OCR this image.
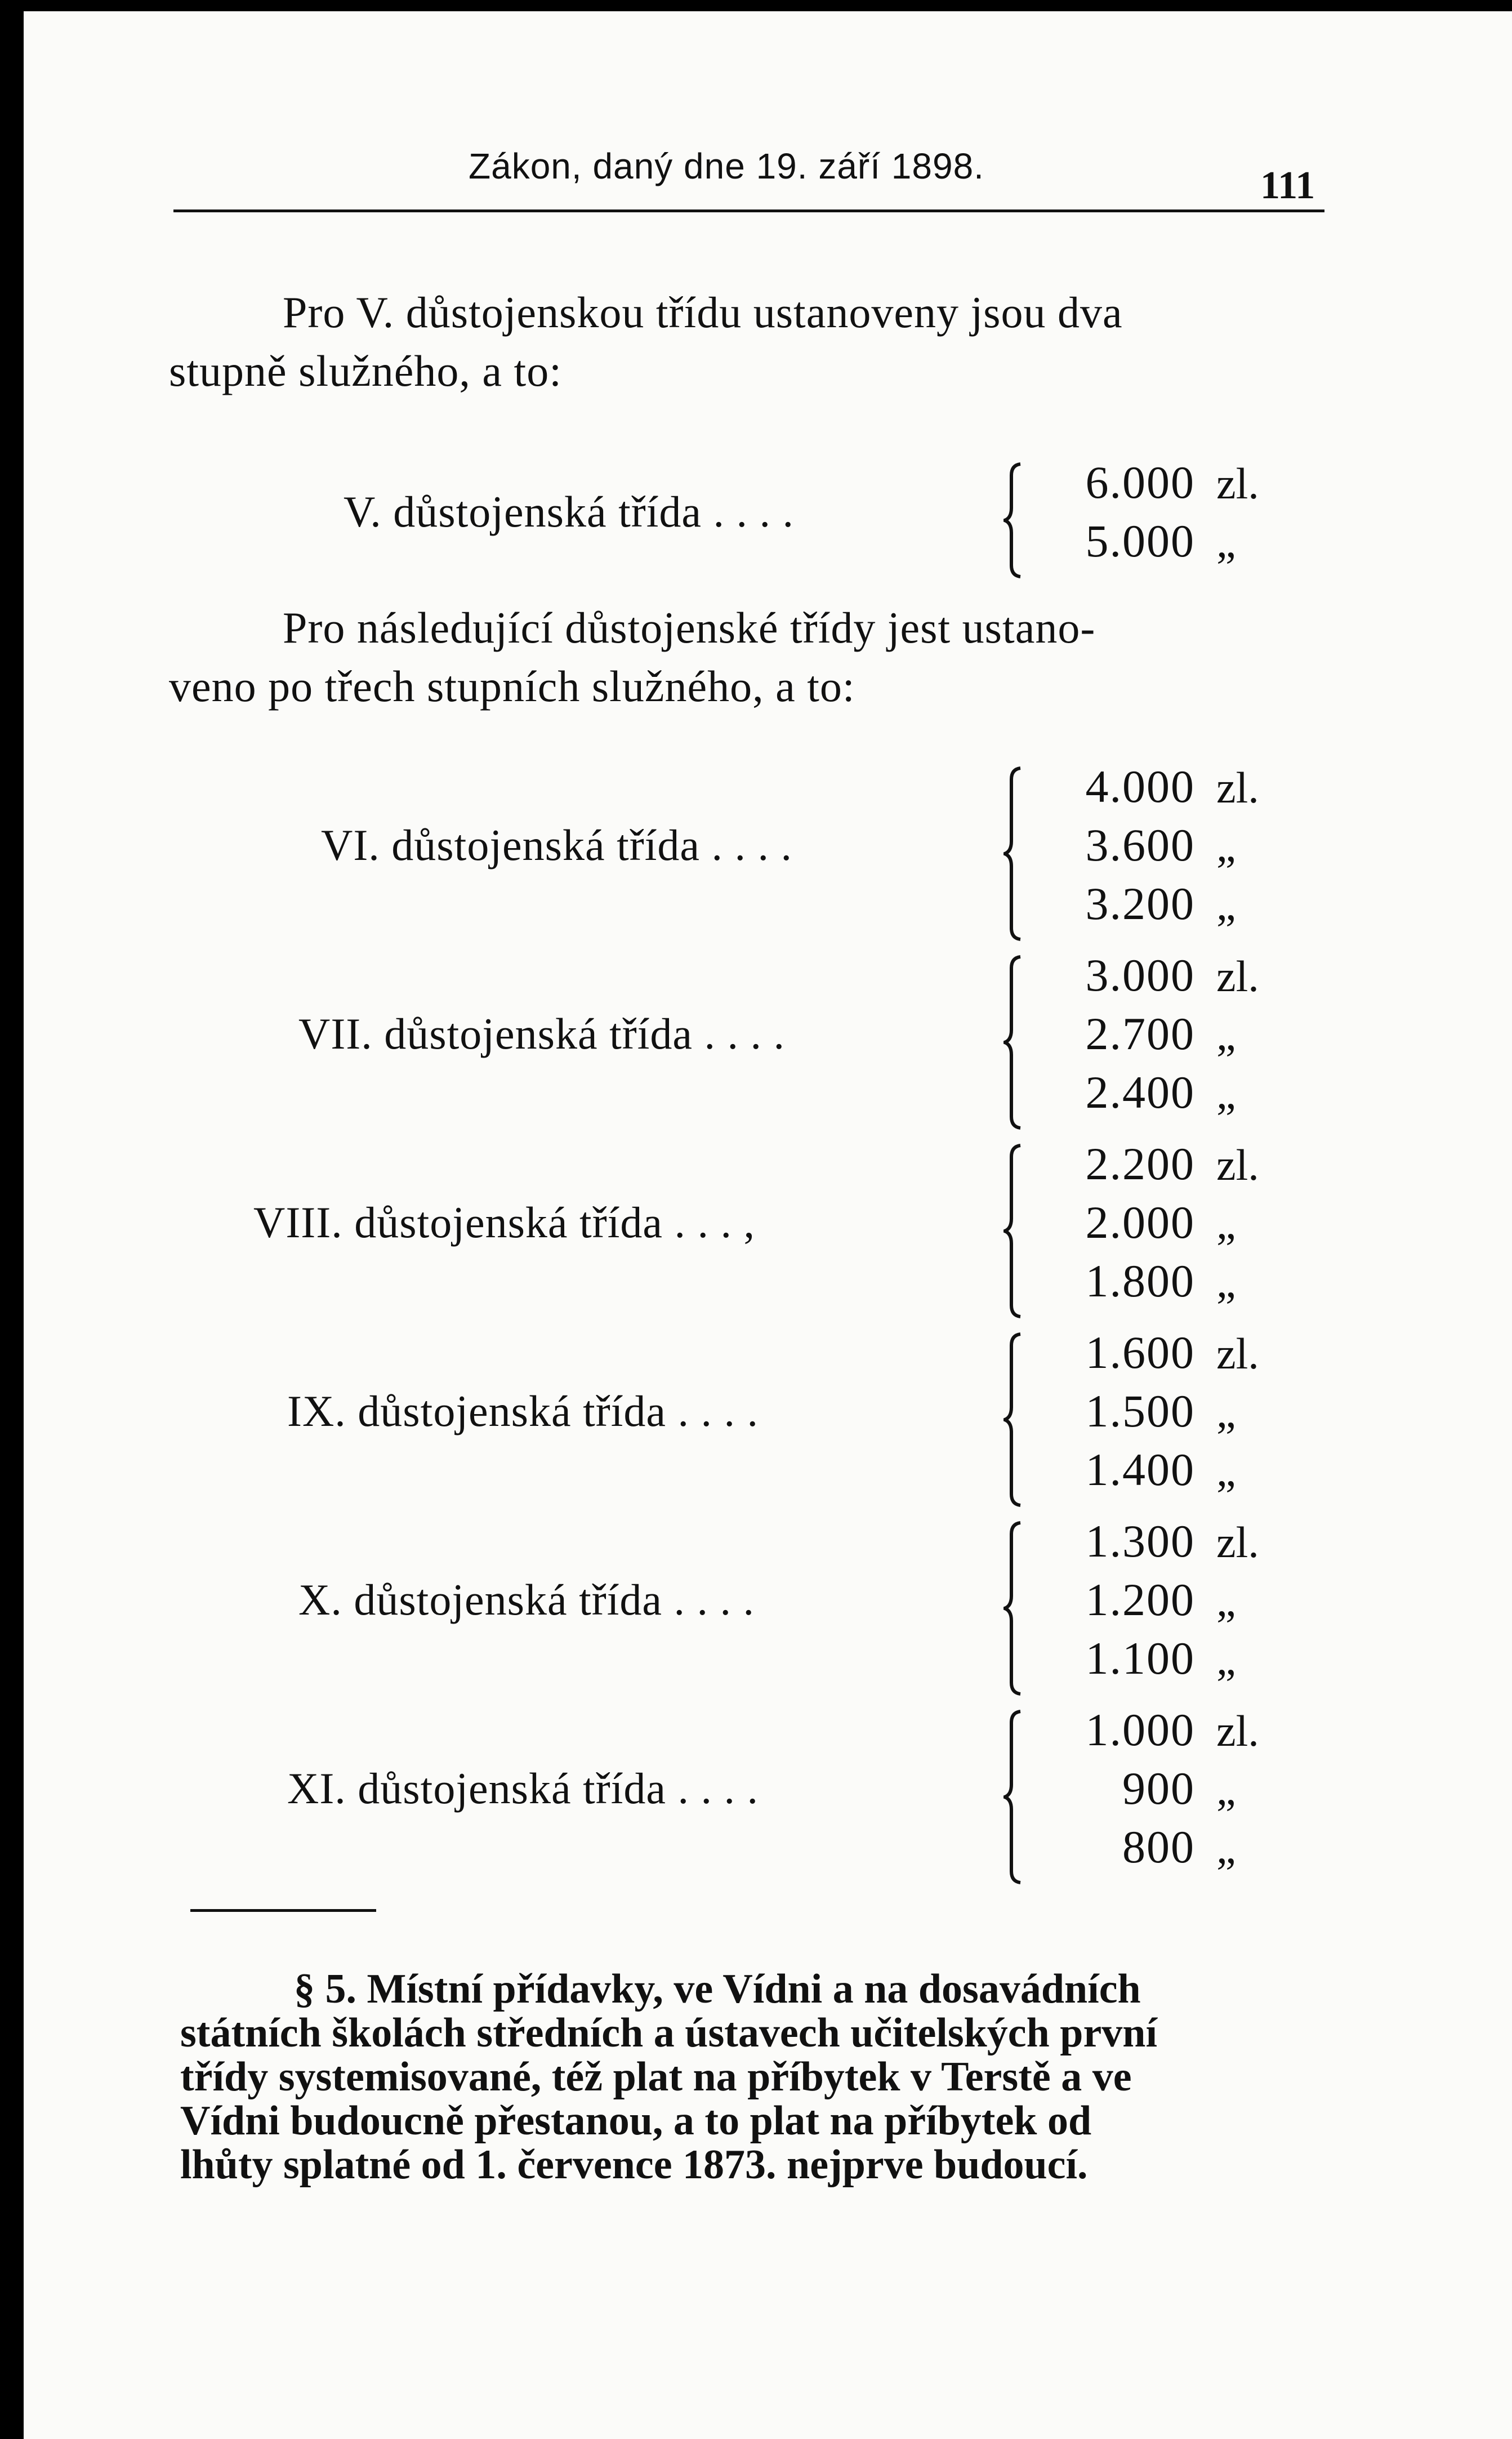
Zákon, daný dne 19. září 1898.	111
Pro V. důstojenskou třídu ustanoveny jsou dva
stupně služného, a to:
Pro následující důstojenské třídy jest ustano-
veno po třech stupních služného, a to:
V. důstojenská třída . . . .
6.000 zl.
5.000 „
VI. důstojenská třída . . . .
4.000 zl.
3.600 „
3.200 „
VII. důstojenská třída . . . .
3.000 zl.
2.700 „
2.400 „
VIII. důstojenská třída . . . ,
2.200 zl.
2.000 „
1.800 „
IX. důstojenská třída . . . .
1.600 zl.
1.500 „
1.400 „
X. důstojenská třída . . . .
1.300 zl.
1.200 „
1.100 „
XI. důstojenská třída . . . .
1.000 zl.
900 „
800 „
§ 5. Místní přídavky, ve Vídni a na dosavádních
státních školách středních a ústavech učitelských první
třídy systemisované, též plat na příbytek v Terstě a ve
Vídni budoucně přestanou, a to plat na příbytek od
lhůty splatné od 1. července 1873. nejprve budoucí.
